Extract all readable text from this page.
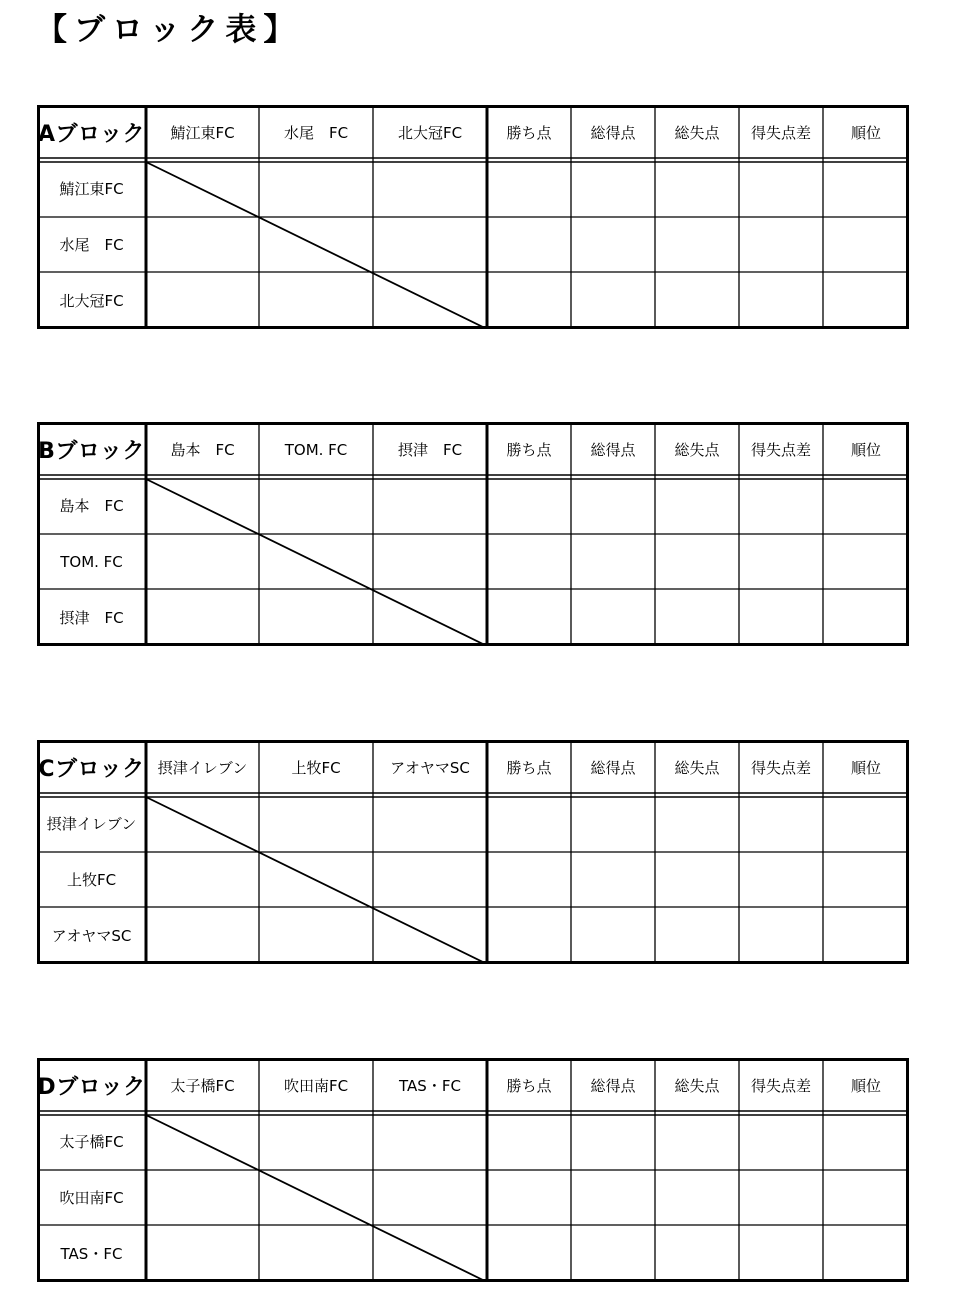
【ブロック表】
Aブロック	鯖江東FC	水尾　FC	北大冠FC	勝ち点	総得点	総失点	得失点差	順位
鯖江東FC
水尾　FC
北大冠FC
Bブロック	島本　FC	TOM. FC	摂津　FC	勝ち点	総得点	総失点	得失点差	順位
島本　FC
TOM. FC
摂津　FC
Cブロック 摂津イレブン	上牧FC	アオヤマSC	勝ち点	総得点	総失点	得失点差	順位
摂津イレブン
上牧FC
アオヤマSC
Dブロック	太子橋FC	吹田南FC	TAS・FC	勝ち点	総得点	総失点	得失点差	順位
太子橋FC
吹田南FC
TAS・FC
